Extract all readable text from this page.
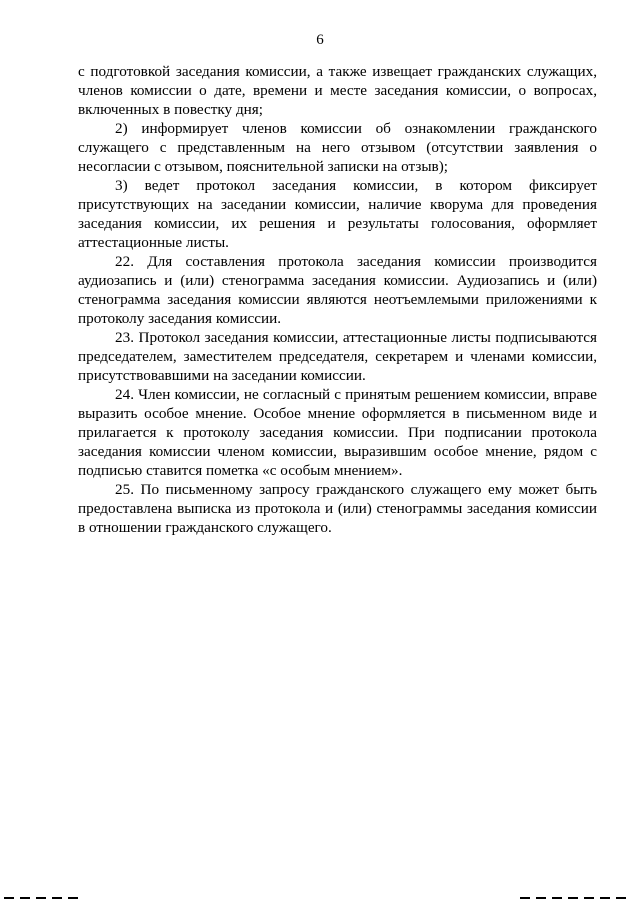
6

с подготовкой заседания комиссии, а также извещает гражданских служащих, членов комиссии о дате, времени и месте заседания комиссии, о вопросах, включенных в повестку дня;

2) информирует членов комиссии об ознакомлении гражданского служащего с представленным на него отзывом (отсутствии заявления о несогласии с отзывом, пояснительной записки на отзыв);

3) ведет протокол заседания комиссии, в котором фиксирует присутствующих на заседании комиссии, наличие кворума для проведения заседания комиссии, их решения и результаты голосования, оформляет аттестационные листы.

22. Для составления протокола заседания комиссии производится аудиозапись и (или) стенограмма заседания комиссии. Аудиозапись и (или) стенограмма заседания комиссии являются неотъемлемыми приложениями к протоколу заседания комиссии.

23. Протокол заседания комиссии, аттестационные листы подписываются председателем, заместителем председателя, секретарем и членами комиссии, присутствовавшими на заседании комиссии.

24. Член комиссии, не согласный с принятым решением комиссии, вправе выразить особое мнение. Особое мнение оформляется в письменном виде и прилагается к протоколу заседания комиссии. При подписании протокола заседания комиссии членом комиссии, выразившим особое мнение, рядом с подписью ставится пометка «с особым мнением».

25. По письменному запросу гражданского служащего ему может быть предоставлена выписка из протокола и (или) стенограммы заседания комиссии в отношении гражданского служащего.
